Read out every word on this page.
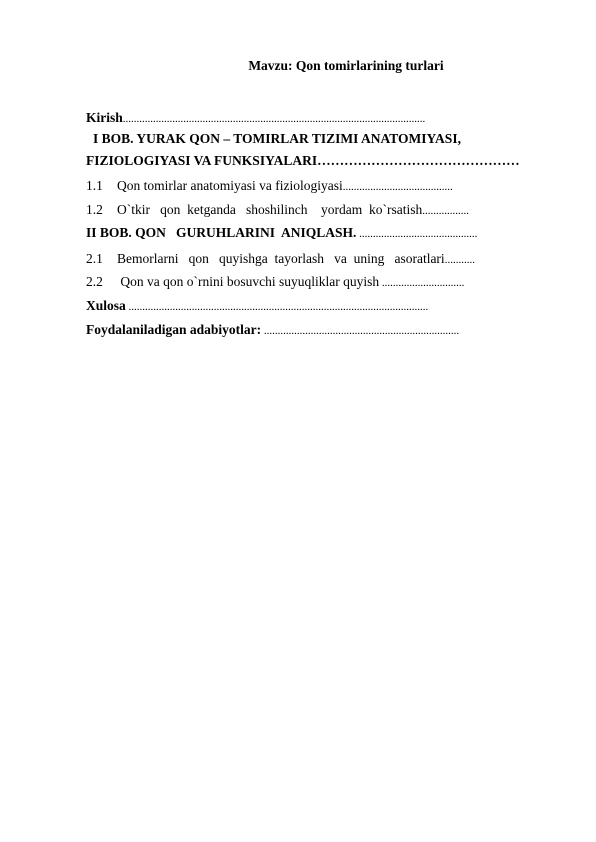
Mavzu: Qon tomirlarining turlari
Kirish..............................................................................................................
I BOB. YURAK QON – TOMIRLAR TIZIMI ANATOMIYASI,
FIZIOLOGIYASI VA FUNKSIYALARI………………………………………
1.1 Qon tomirlar anatomiyasi va fiziologiyasi........................................
1.2 O`tkir   qon  ketganda   shoshilinch    yordam  ko`rsatish.................
II BOB. QON   GURUHLARINI  ANIQLASH. ...........................................
2.1 Bemorlarni   qon   quyishga  tayorlash   va  uning   asoratlari...........
2.2 Qon va qon o`rnini bosuvchi suyuqliklar quyish ..............................
Xulosa .............................................................................................................
Foydalaniladigan adabiyotlar: .......................................................................
